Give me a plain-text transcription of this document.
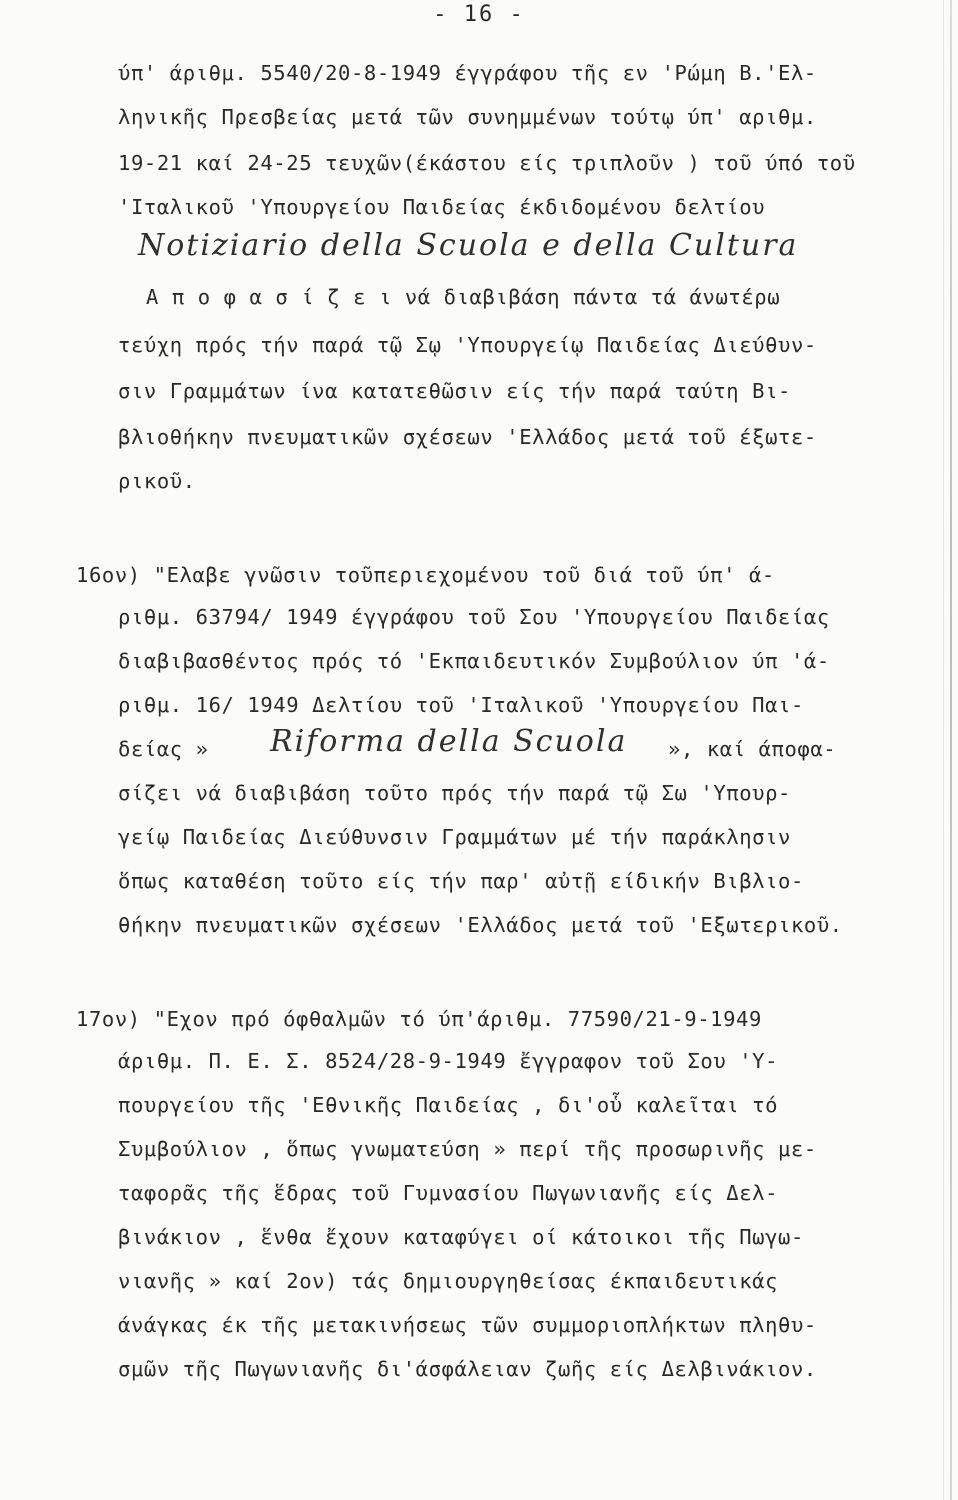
- 16 -
ύπ' άριθμ. 5540/20-8-1949 έγγράφου τῆς εν 'Ρώμη Β.'Ελ-
ληνικῆς Πρεσβείας μετά τῶν συνημμένων τούτῳ ύπ' αριθμ.
19-21 καί 24-25 τευχῶν(έκάστου είς τριπλοῦν ) τοῦ ύπό τοῦ
'Ιταλικοῦ 'Υπουργείου Παιδείας έκδιδομένου δελτίου
Notiziario della Scuola e della Cultura
Α π ο φ α σ ί ζ ε ι νά διαβιβάση πάντα τά άνωτέρω
τεύχη πρός τήν παρά τῷ Σῳ 'Υπουργείῳ Παιδείας Διεύθυν-
σιν Γραμμάτων ίνα κατατεθῶσιν είς τήν παρά ταύτη Βι-
βλιοθήκην πνευματικῶν σχέσεων 'Ελλάδος μετά τοῦ έξωτε-
ρικοῦ.
16ον) "Ελαβε γνῶσιν τοῦπεριεχομένου τοῦ διά τοῦ ύπ' ά-
ριθμ. 63794/ 1949 έγγράφου τοῦ Σου 'Υπουργείου Παιδείας
διαβιβασθέντος πρός τό 'Εκπαιδευτικόν Συμβούλιον ύπ 'ά-
ριθμ. 16/ 1949 Δελτίου τοῦ 'Ιταλικοῦ 'Υπουργείου Παι-
δείας » Riforma della Scuola », καί άποφα-
σίζει νά διαβιβάση τοῦτο πρός τήν παρά τῷ Σω 'Υπουρ-
γείῳ Παιδείας Διεύθυνσιν Γραμμάτων μέ τήν παράκλησιν
ὅπως καταθέση τοῦτο είς τήν παρ' αὐτῇ είδικήν Βιβλιο-
θήκην πνευματικῶν σχέσεων 'Ελλάδος μετά τοῦ 'Εξωτερικοῦ.
17ον) "Εχον πρό όφθαλμῶν τό ύπ'άριθμ. 77590/21-9-1949
άριθμ. Π. Ε. Σ. 8524/28-9-1949 ἔγγραφον τοῦ Σου 'Υ-
πουργείου τῆς 'Εθνικῆς Παιδείας , δι'οὗ καλεῖται τό
Συμβούλιον , ὅπως γνωματεύση » περί τῆς προσωρινῆς με-
ταφορᾶς τῆς ἕδρας τοῦ Γυμνασίου Πωγωνιανῆς είς Δελ-
βινάκιον , ἕνθα ἔχουν καταφύγει οί κάτοικοι τῆς Πωγω-
νιανῆς » καί 2ον) τάς δημιουργηθείσας έκπαιδευτικάς
άνάγκας έκ τῆς μετακινήσεως τῶν συμμοριοπλήκτων πληθυ-
σμῶν τῆς Πωγωνιανῆς δι'άσφάλειαν ζωῆς είς Δελβινάκιον.
